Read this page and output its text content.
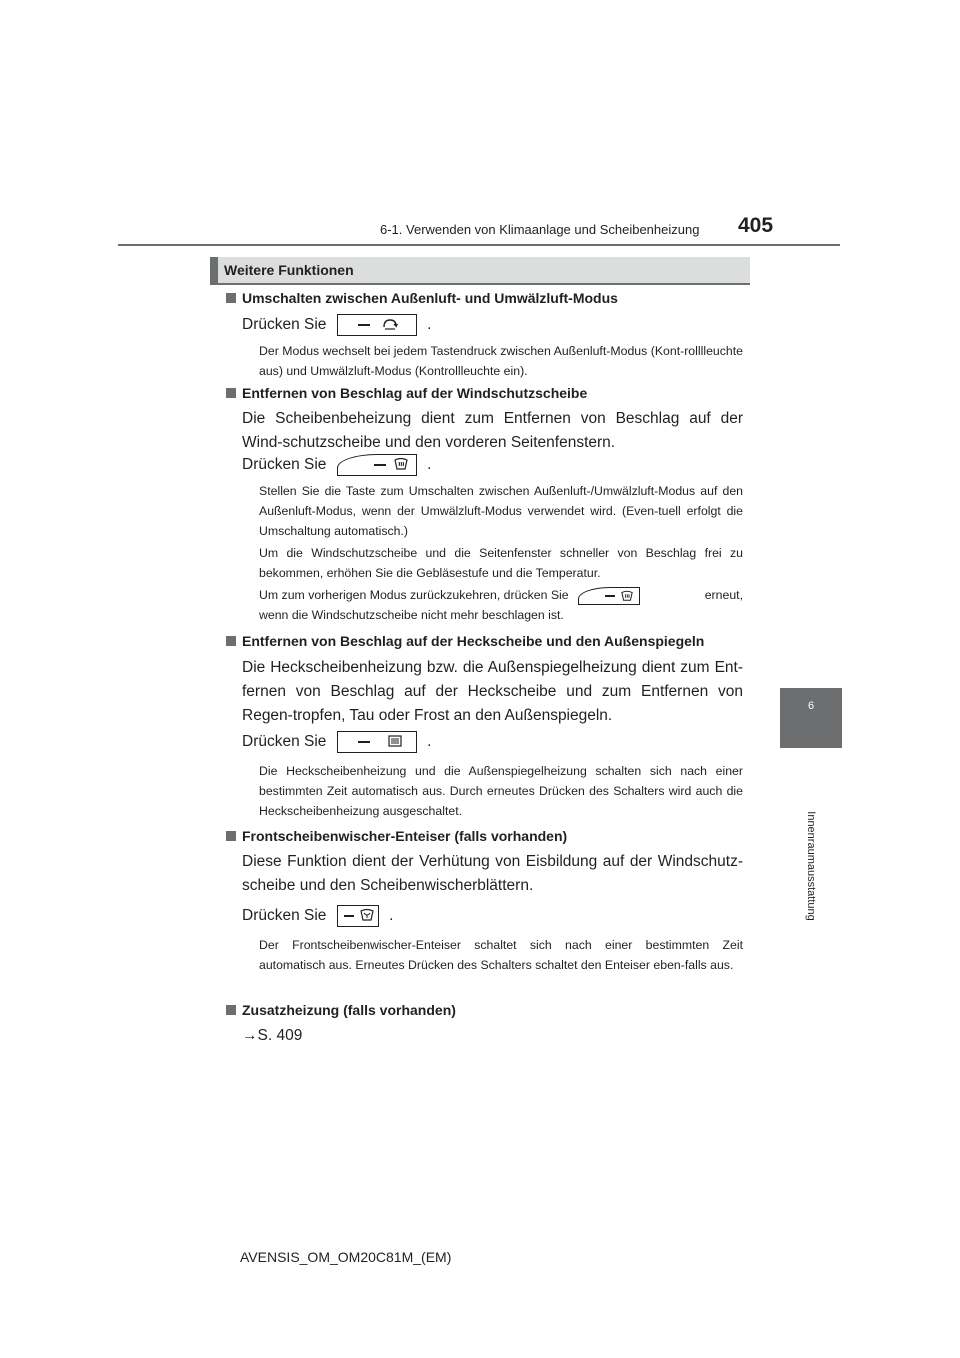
6-1. Verwenden von Klimaanlage und Scheibenheizung 405
6
Innenraumausstattung
Weitere Funktionen
Umschalten zwischen Außenluft- und Umwälzluft-Modus
Drücken Sie	.
Der Modus wechselt bei jedem Tastendruck zwischen Außenluft-Modus (Kont-rolllleuchte aus) und Umwälzluft-Modus (Kontrollleuchte ein).
Entfernen von Beschlag auf der Windschutzscheibe
Die Scheibenbeheizung dient zum Entfernen von Beschlag auf der Wind-schutzscheibe und den vorderen Seitenfenstern.
Drücken Sie	.
Stellen Sie die Taste zum Umschalten zwischen Außenluft-/Umwälzluft-Modus auf den Außenluft-Modus, wenn der Umwälzluft-Modus verwendet wird. (Even-tuell erfolgt die Umschaltung automatisch.)
Um die Windschutzscheibe und die Seitenfenster schneller von Beschlag frei zu bekommen, erhöhen Sie die Gebläsestufe und die Temperatur.
Um zum vorherigen Modus zurückzukehren, drücken Sie	erneut,
wenn die Windschutzscheibe nicht mehr beschlagen ist.
Entfernen von Beschlag auf der Heckscheibe und den Außenspiegeln
Die Heckscheibenheizung bzw. die Außenspiegelheizung dient zum Ent-fernen von Beschlag auf der Heckscheibe und zum Entfernen von Regen-tropfen, Tau oder Frost an den Außenspiegeln.
Drücken Sie	.
Die Heckscheibenheizung und die Außenspiegelheizung schalten sich nach einer bestimmten Zeit automatisch aus. Durch erneutes Drücken des Schalters wird auch die Heckscheibenheizung ausgeschaltet.
Frontscheibenwischer-Enteiser (falls vorhanden)
Diese Funktion dient der Verhütung von Eisbildung auf der Windschutz-scheibe und den Scheibenwischerblättern.
Drücken Sie	.
Der Frontscheibenwischer-Enteiser schaltet sich nach einer bestimmten Zeit automatisch aus. Erneutes Drücken des Schalters schaltet den Enteiser eben-falls aus.
Zusatzheizung (falls vorhanden)
→S. 409
AVENSIS_OM_OM20C81M_(EM)
